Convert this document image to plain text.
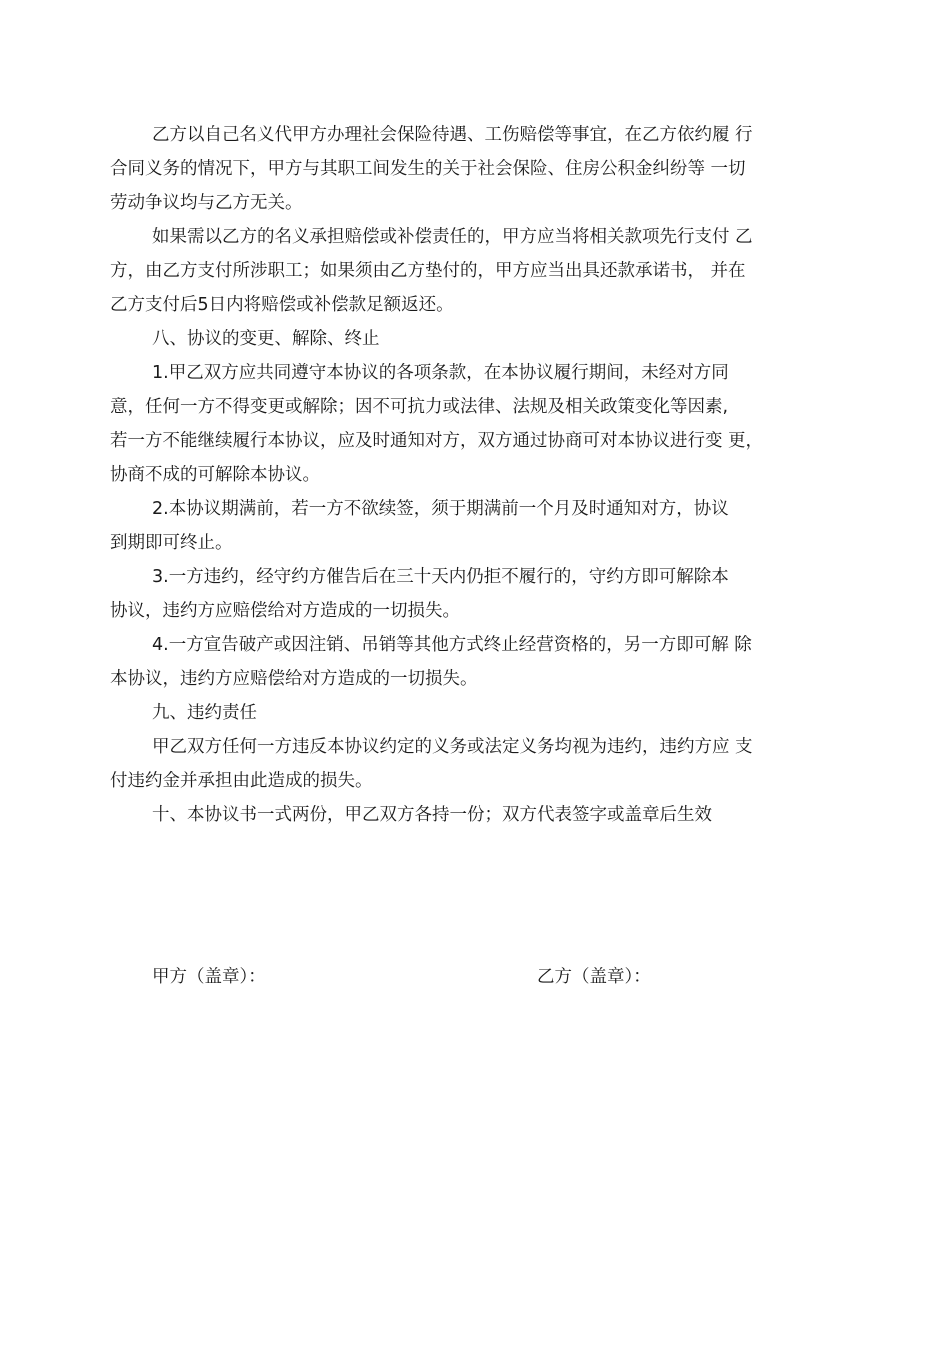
乙方以自己名义代甲方办理社会保险待遇、工伤赔偿等事宜，在乙方依约履 行
合同义务的情况下，甲方与其职工间发生的关于社会保险、住房公积金纠纷等 一切
劳动争议均与乙方无关。
如果需以乙方的名义承担赔偿或补偿责任的，甲方应当将相关款项先行支付 乙
方，由乙方支付所涉职工；如果须由乙方垫付的，甲方应当出具还款承诺书， 并在
乙方支付后5日内将赔偿或补偿款足额返还。
八、协议的变更、解除、终止
1.甲乙双方应共同遵守本协议的各项条款，在本协议履行期间，未经对方同
意，任何一方不得变更或解除；因不可抗力或法律、法规及相关政策变化等因素,
若一方不能继续履行本协议，应及时通知对方，双方通过协商可对本协议进行变 更，
协商不成的可解除本协议。
2.本协议期满前，若一方不欲续签，须于期满前一个月及时通知对方，协议
到期即可终止。
3.一方违约，经守约方催告后在三十天内仍拒不履行的，守约方即可解除本
协议，违约方应赔偿给对方造成的一切损失。
4.一方宣告破产或因注销、吊销等其他方式终止经营资格的，另一方即可解 除
本协议，违约方应赔偿给对方造成的一切损失。
九、违约责任
甲乙双方任何一方违反本协议约定的义务或法定义务均视为违约，违约方应 支
付违约金并承担由此造成的损失。
十、本协议书一式两份，甲乙双方各持一份；双方代表签字或盖章后生效
甲方（盖章）：	乙方（盖章）：
